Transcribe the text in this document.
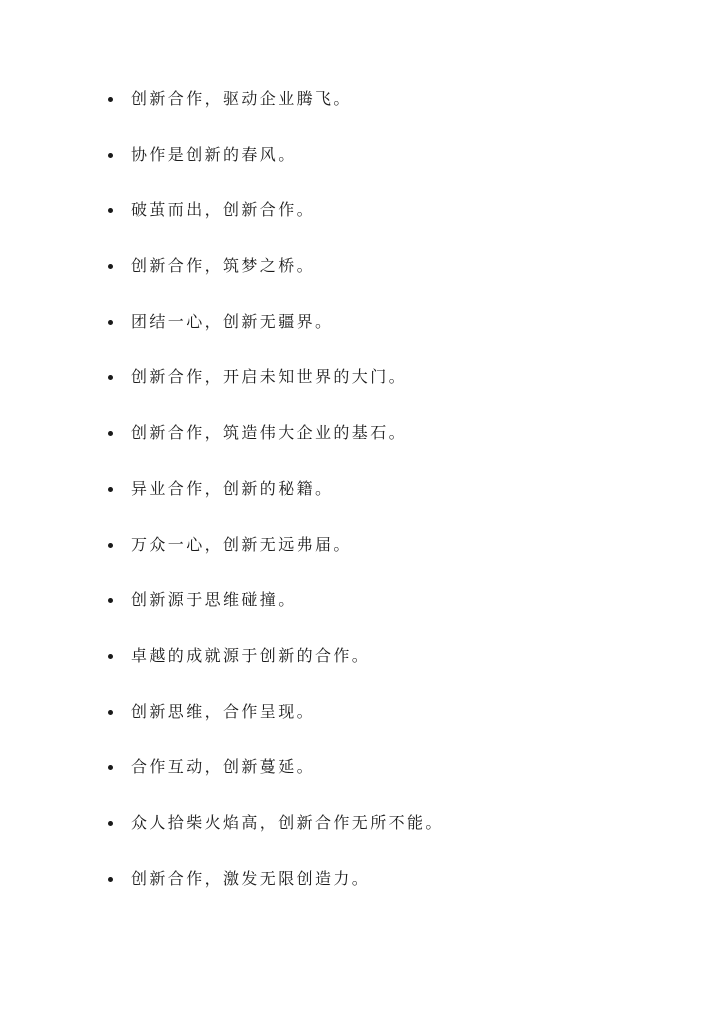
创新合作，驱动企业腾飞。
协作是创新的春风。
破茧而出，创新合作。
创新合作，筑梦之桥。
团结一心，创新无疆界。
创新合作，开启未知世界的大门。
创新合作，筑造伟大企业的基石。
异业合作，创新的秘籍。
万众一心，创新无远弗届。
创新源于思维碰撞。
卓越的成就源于创新的合作。
创新思维，合作呈现。
合作互动，创新蔓延。
众人拾柴火焰高，创新合作无所不能。
创新合作，激发无限创造力。
